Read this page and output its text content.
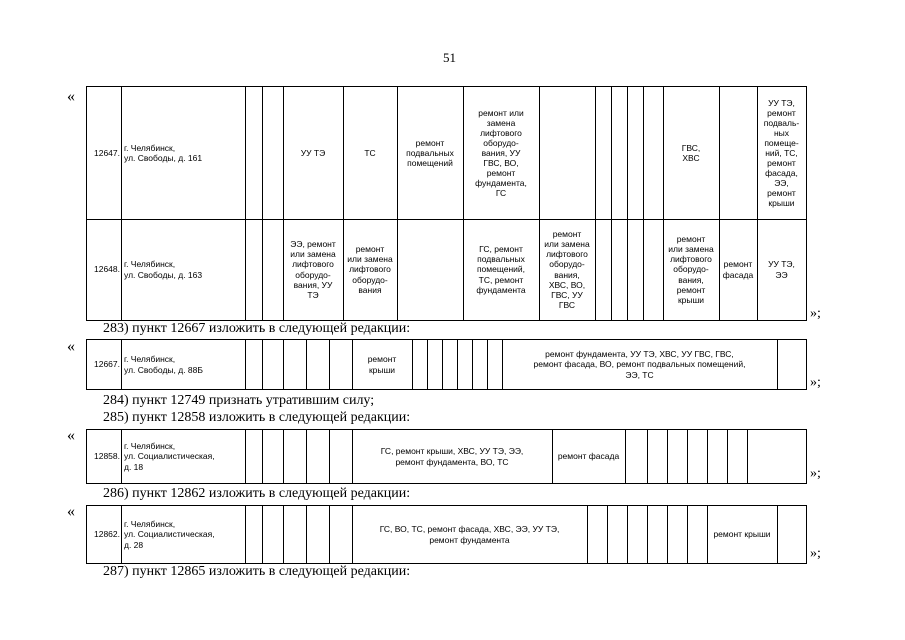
51
«
12647. г. Челябинск,
ул. Свободы, д. 161
УУ ТЭ	ТС
ремонт
подвальных
помещений
ремонт или
замена
лифтового
оборудо-
вания, УУ
ГВС, ВО,
ремонт
фундамента,
ГС
ГВС,
ХВС
УУ ТЭ,
ремонт
подваль-
ных
помеще-
ний, ТС,
ремонт
фасада,
ЭЭ,
ремонт
крыши
12648. г. Челябинск,
ул. Свободы, д. 163
ЭЭ, ремонт
или замена
лифтового
оборудо-
вания, УУ
ТЭ
ремонт
или замена
лифтового
оборудо-
вания
ГС, ремонт
подвальных
помещений,
ТС, ремонт
фундамента
ремонт
или замена
лифтового
оборудо-
вания,
ХВС, ВО,
ГВС, УУ
ГВС
ремонт
или замена
лифтового
оборудо-
вания,
ремонт
крыши
ремонт
фасада
УУ ТЭ,
ЭЭ
»;
283) пункт 12667 изложить в следующей редакции:
«
12667. г. Челябинск,
ул. Свободы, д. 88Б
ремонт
крыши
ремонт фундамента, УУ ТЭ, ХВС, УУ ГВС, ГВС,
ремонт фасада, ВО, ремонт подвальных помещений,
ЭЭ, ТС
»;
284) пункт 12749 признать утратившим силу;
285) пункт 12858 изложить в следующей редакции:
«
12858.
г. Челябинск,
ул. Социалистическая,
д. 18
ГС, ремонт крыши, ХВС, УУ ТЭ, ЭЭ,
ремонт фундамента, ВО, ТС
ремонт фасада
»;
286) пункт 12862 изложить в следующей редакции:
«
12862.
г. Челябинск,
ул. Социалистическая,
д. 28
ГС, ВО, ТС, ремонт фасада, ХВС, ЭЭ, УУ ТЭ,
ремонт фундамента
ремонт крыши
»;
287) пункт 12865 изложить в следующей редакции:
